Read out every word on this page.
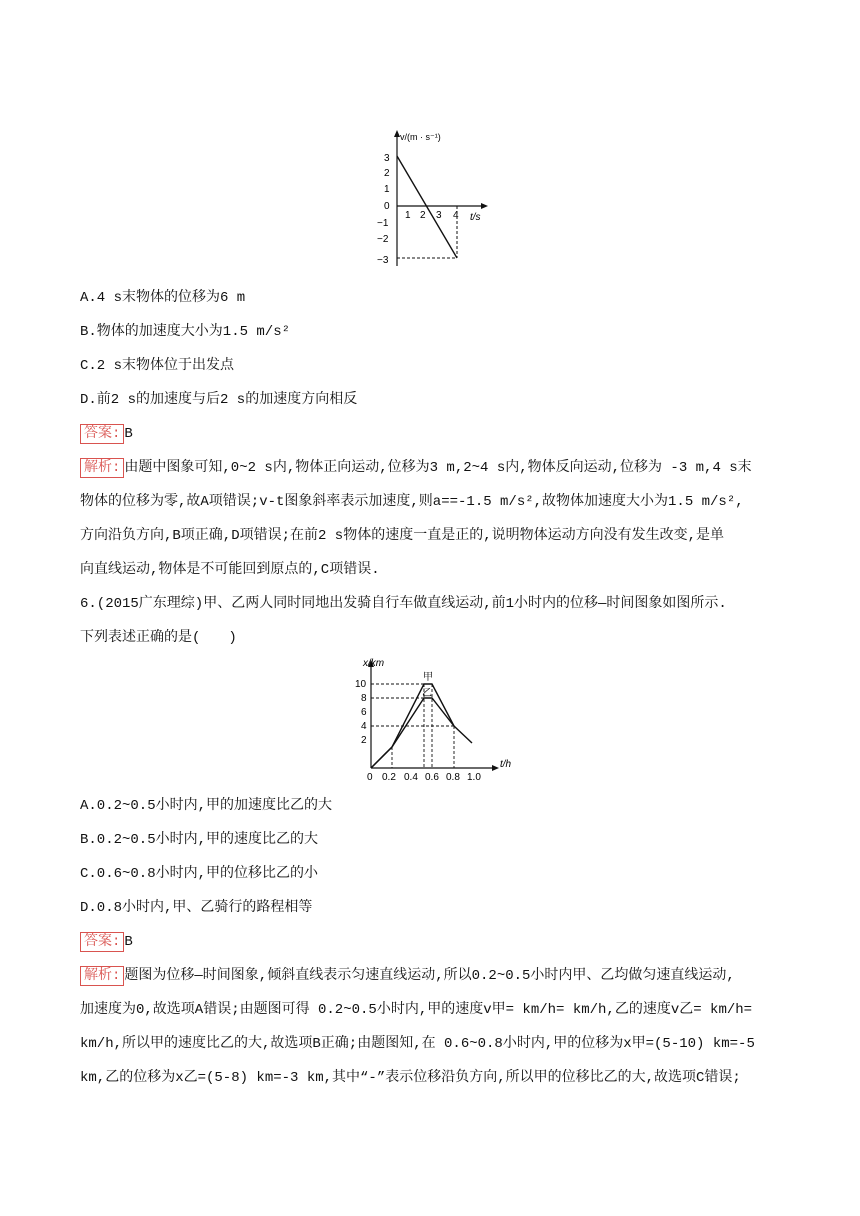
v/(m · s⁻¹)
t/s
3
2
1
0
−1
−2
−3
1 2 3 4
A.4 s末物体的位移为6 m
B.物体的加速度大小为1.5 m/s²
C.2 s末物体位于出发点
D.前2 s的加速度与后2 s的加速度方向相反
答案: B
解析: 由题中图象可知,0~2 s内,物体正向运动,位移为3 m,2~4 s内,物体反向运动,位移为 -3 m,4 s末
物体的位移为零,故A项错误;v-t图象斜率表示加速度,则a==-1.5 m/s²,故物体加速度大小为1.5 m/s²,
方向沿负方向,B项正确,D项错误;在前2 s物体的速度一直是正的,说明物体运动方向没有发生改变,是单
向直线运动,物体是不可能回到原点的,C项错误.
6.(2015广东理综)甲、乙两人同时同地出发骑自行车做直线运动,前1小时内的位移—时间图象如图所示.
下列表述正确的是(　　)
x/km
t/h
10
8
6
4
2
0 0.2 0.4 0.6 0.8 1.0
甲
乙
A.0.2~0.5小时内,甲的加速度比乙的大
B.0.2~0.5小时内,甲的速度比乙的大
C.0.6~0.8小时内,甲的位移比乙的小
D.0.8小时内,甲、乙骑行的路程相等
答案: B
解析: 题图为位移—时间图象,倾斜直线表示匀速直线运动,所以0.2~0.5小时内甲、乙均做匀速直线运动,
加速度为0,故选项A错误;由题图可得 0.2~0.5小时内,甲的速度v甲= km/h= km/h,乙的速度v乙= km/h=
km/h,所以甲的速度比乙的大,故选项B正确;由题图知,在 0.6~0.8小时内,甲的位移为x甲=(5-10) km=-5
km,乙的位移为x乙=(5-8) km=-3 km,其中“-”表示位移沿负方向,所以甲的位移比乙的大,故选项C错误;
